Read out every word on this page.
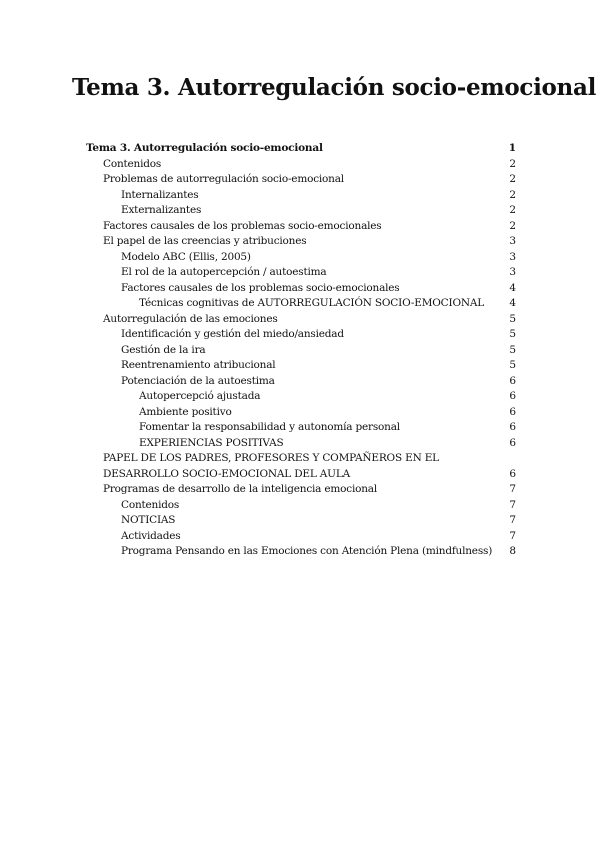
Tema 3. Autorregulación socio-emocional
Tema 3. Autorregulación socio-emocional	1
Contenidos	2
Problemas de autorregulación socio-emocional	2
Internalizantes	2
Externalizantes	2
Factores causales de los problemas socio-emocionales	2
El papel de las creencias y atribuciones	3
Modelo ABC (Ellis, 2005)	3
El rol de la autopercepción / autoestima	3
Factores causales de los problemas socio-emocionales	4
Técnicas cognitivas de AUTORREGULACIÓN SOCIO-EMOCIONAL	4
Autorregulación de las emociones	5
Identificación y gestión del miedo/ansiedad	5
Gestión de la ira	5
Reentrenamiento atribucional	5
Potenciación de la autoestima	6
Autopercepció ajustada	6
Ambiente positivo	6
Fomentar la responsabilidad y autonomía personal	6
EXPERIENCIAS POSITIVAS	6
PAPEL DE LOS PADRES, PROFESORES Y COMPAÑEROS EN EL DESARROLLO SOCIO-EMOCIONAL DEL AULA	6
Programas de desarrollo de la inteligencia emocional	7
Contenidos	7
NOTICIAS	7
Actividades	7
Programa Pensando en las Emociones con Atención Plena (mindfulness)	8
